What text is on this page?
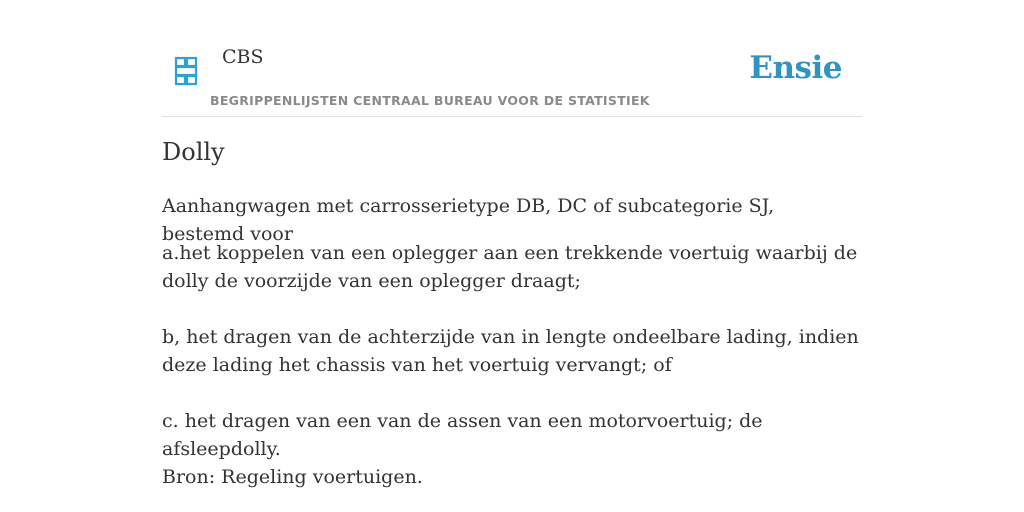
CBS
BEGRIPPENLIJSTEN CENTRAAL BUREAU VOOR DE STATISTIEK
Ensie
Dolly

Aanhangwagen met carrosserietype DB, DC of subcategorie SJ, bestemd voor

a.het koppelen van een oplegger aan een trekkende voertuig waarbij de dolly de voorzijde van een oplegger draagt;

b, het dragen van de achterzijde van in lengte ondeelbare lading, indien deze lading het chassis van het voertuig vervangt; of

c. het dragen van een van de assen van een motorvoertuig; de afsleepdolly.

Bron: Regeling voertuigen.
